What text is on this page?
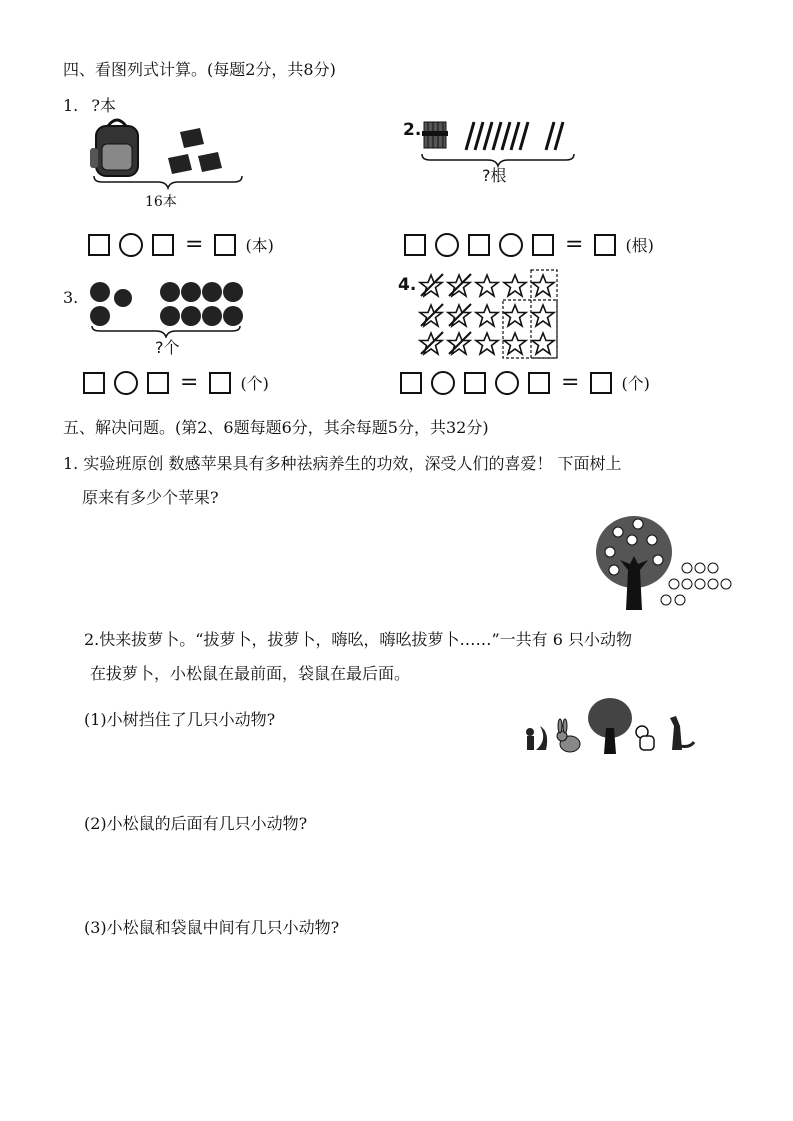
四、看图列式计算。(每题2分，共8分)
1. ?本
16本
=	(本)
2.
?根
=	(根)
3.
?个
=	(个)
4.
=	(个)
五、解决问题。(第2、6题每题6分，其余每题5分，共32分)
1. 实验班原创 数感苹果具有多种祛病养生的功效，深受人们的喜爱！ 下面树上
原来有多少个苹果?
2.快来拔萝卜。“拔萝卜，拔萝卜，嗨吆，嗨吆拔萝卜……”一共有 6 只小动物
在拔萝卜，小松鼠在最前面，袋鼠在最后面。
(1)小树挡住了几只小动物?
(2)小松鼠的后面有几只小动物?
(3)小松鼠和袋鼠中间有几只小动物?
